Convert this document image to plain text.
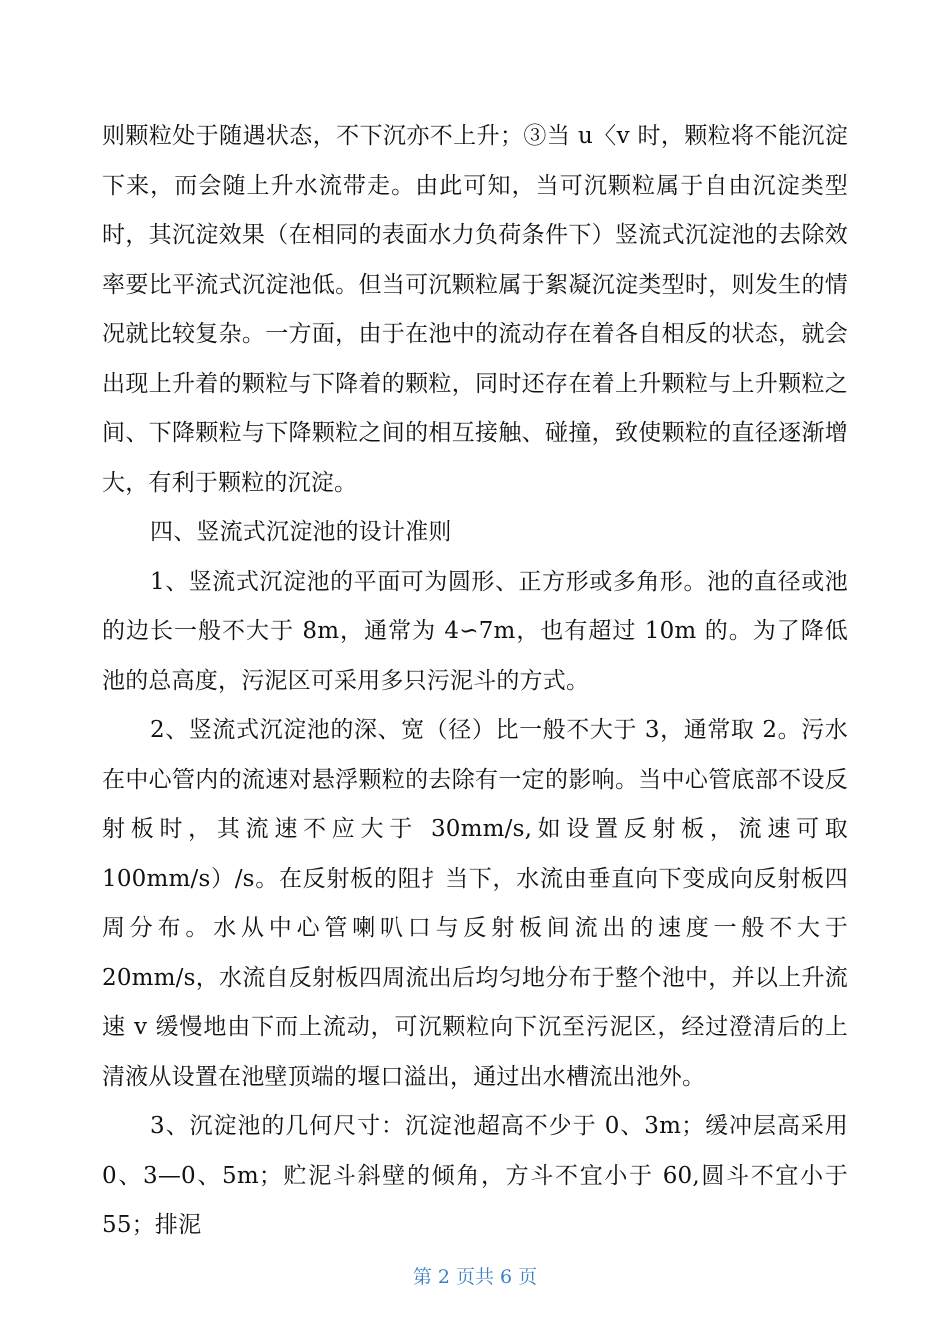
则颗粒处于随遇状态，不下沉亦不上升；③当 u〈v 时，颗粒将不能沉淀下来，而会随上升水流带走。由此可知，当可沉颗粒属于自由沉淀类型时，其沉淀效果（在相同的表面水力负荷条件下）竖流式沉淀池的去除效率要比平流式沉淀池低。但当可沉颗粒属于絮凝沉淀类型时，则发生的情况就比较复杂。一方面，由于在池中的流动存在着各自相反的状态，就会出现上升着的颗粒与下降着的颗粒，同时还存在着上升颗粒与上升颗粒之间、下降颗粒与下降颗粒之间的相互接触、碰撞，致使颗粒的直径逐渐增大，有利于颗粒的沉淀。

四、竖流式沉淀池的设计准则

1、竖流式沉淀池的平面可为圆形、正方形或多角形。池的直径或池的边长一般不大于 8m，通常为 4∽7m，也有超过 10m 的。为了降低池的总高度，污泥区可采用多只污泥斗的方式。

2、竖流式沉淀池的深、宽（径）比一般不大于 3，通常取 2。污水在中心管内的流速对悬浮颗粒的去除有一定的影响。当中心管底部不设反射板时，其流速不应大于 30mm/s,如设置反射板，流速可取 100mm/s）/s。在反射板的阻扌当下，水流由垂直向下变成向反射板四周分布。水从中心管喇叭口与反射板间流出的速度一般不大于 20mm/s，水流自反射板四周流出后均匀地分布于整个池中，并以上升流速 v 缓慢地由下而上流动，可沉颗粒向下沉至污泥区，经过澄清后的上清液从设置在池壁顶端的堰口溢出，通过出水槽流出池外。

3、沉淀池的几何尺寸：沉淀池超高不少于 0、3m；缓冲层高采用 0、3—0、5m；贮泥斗斜壁的倾角，方斗不宜小于 60,圆斗不宜小于 55；排泥

第 2 页共 6 页
